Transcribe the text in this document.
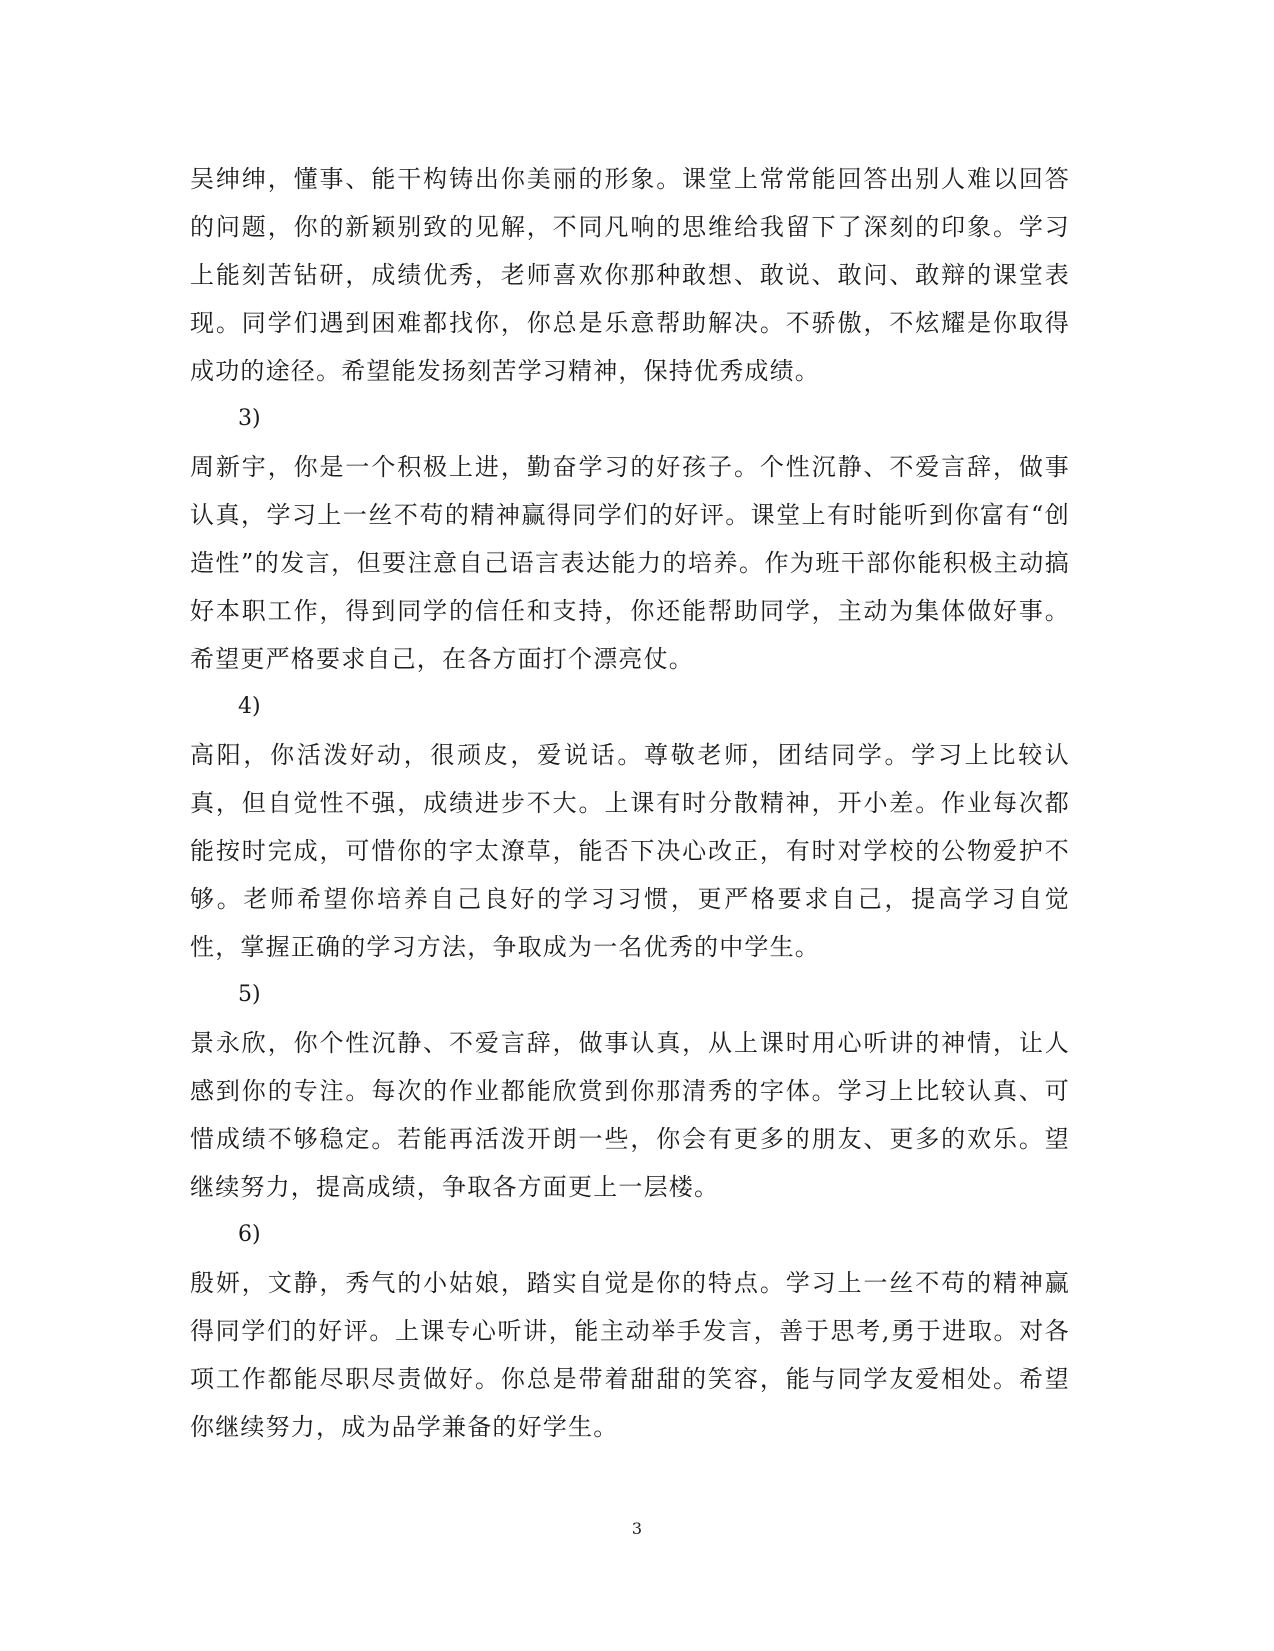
吴绅绅，懂事、能干构铸出你美丽的形象。课堂上常常能回答出别人难以回答的问题，你的新颖别致的见解，不同凡响的思维给我留下了深刻的印象。学习上能刻苦钻研，成绩优秀，老师喜欢你那种敢想、敢说、敢问、敢辩的课堂表现。同学们遇到困难都找你，你总是乐意帮助解决。不骄傲，不炫耀是你取得成功的途径。希望能发扬刻苦学习精神，保持优秀成绩。

3)

周新宇，你是一个积极上进，勤奋学习的好孩子。个性沉静、不爱言辞，做事认真，学习上一丝不苟的精神赢得同学们的好评。课堂上有时能听到你富有“创造性”的发言，但要注意自己语言表达能力的培养。作为班干部你能积极主动搞好本职工作，得到同学的信任和支持，你还能帮助同学，主动为集体做好事。希望更严格要求自己，在各方面打个漂亮仗。

4)

高阳，你活泼好动，很顽皮，爱说话。尊敬老师，团结同学。学习上比较认真，但自觉性不强，成绩进步不大。上课有时分散精神，开小差。作业每次都能按时完成，可惜你的字太潦草，能否下决心改正，有时对学校的公物爱护不够。老师希望你培养自己良好的学习习惯，更严格要求自己，提高学习自觉性，掌握正确的学习方法，争取成为一名优秀的中学生。

5)

景永欣，你个性沉静、不爱言辞，做事认真，从上课时用心听讲的神情，让人感到你的专注。每次的作业都能欣赏到你那清秀的字体。学习上比较认真、可惜成绩不够稳定。若能再活泼开朗一些，你会有更多的朋友、更多的欢乐。望继续努力，提高成绩，争取各方面更上一层楼。

6)

殷妍，文静，秀气的小姑娘，踏实自觉是你的特点。学习上一丝不苟的精神赢得同学们的好评。上课专心听讲，能主动举手发言，善于思考,勇于进取。对各项工作都能尽职尽责做好。你总是带着甜甜的笑容，能与同学友爱相处。希望你继续努力，成为品学兼备的好学生。

3
